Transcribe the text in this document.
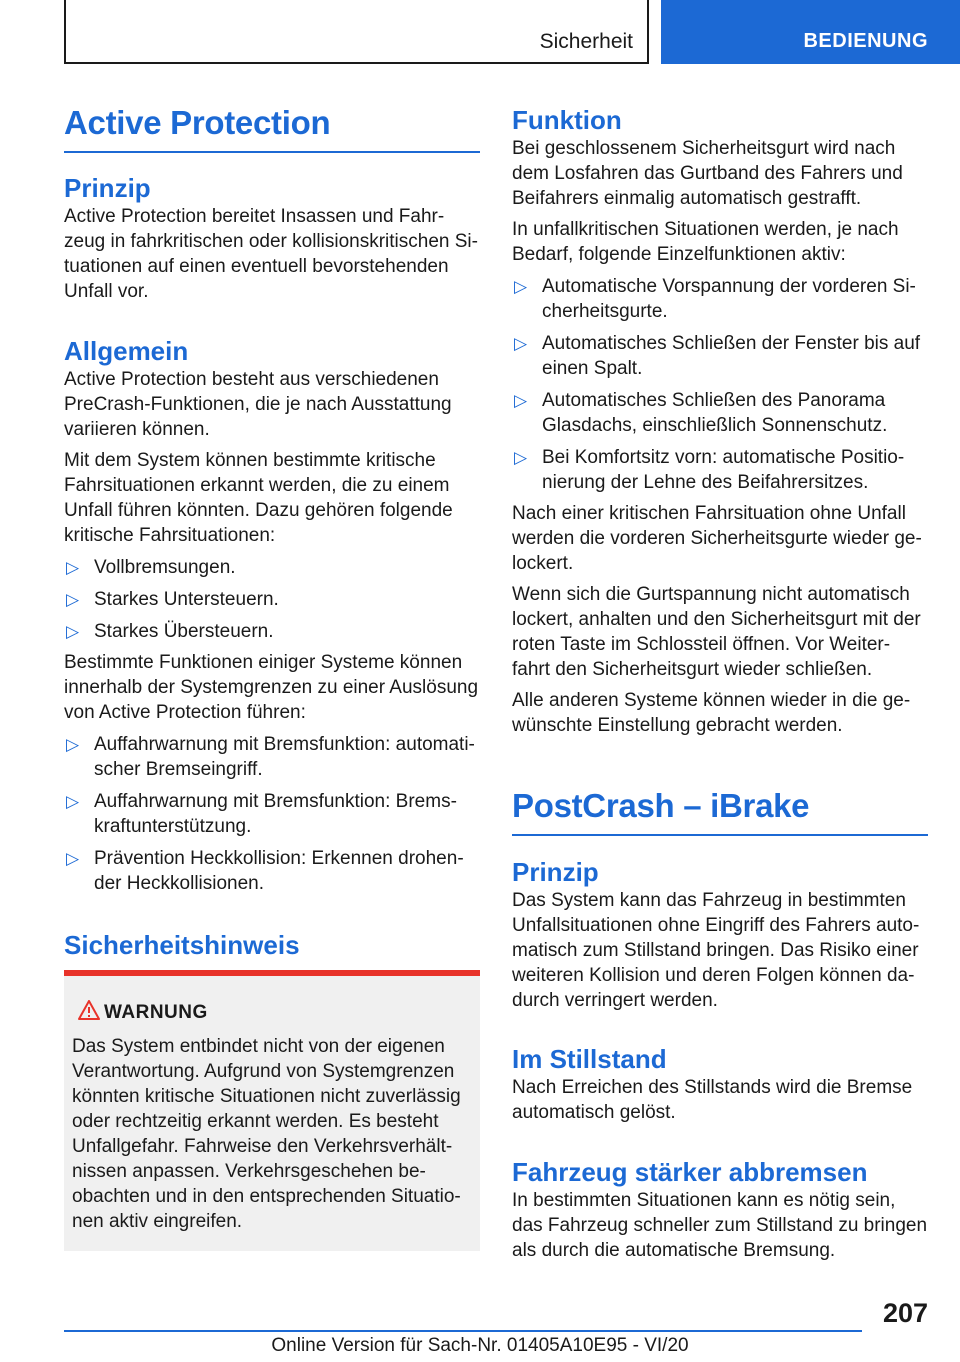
Sicherheit	BEDIENUNG
Active Protection
Prinzip

Active Protection bereitet Insassen und Fahr-zeug in fahrkritischen oder kollisionskritischen Si-tuationen auf einen eventuell bevorstehenden Unfall vor.

Allgemein

Active Protection besteht aus verschiedenen PreCrash-Funktionen, die je nach Ausstattung variieren können.

Mit dem System können bestimmte kritische Fahrsituationen erkannt werden, die zu einem Unfall führen könnten. Dazu gehören folgende kritische Fahrsituationen:

▷ Vollbremsungen.
▷ Starkes Untersteuern.
▷ Starkes Übersteuern.

Bestimmte Funktionen einiger Systeme können innerhalb der Systemgrenzen zu einer Auslösung von Active Protection führen:

▷ Auffahrwarnung mit Bremsfunktion: automati-scher Bremseingriff.
▷ Auffahrwarnung mit Bremsfunktion: Brems-kraftunterstützung.
▷ Prävention Heckkollision: Erkennen drohen-der Heckkollisionen.
Sicherheitshinweis
WARNUNG

Das System entbindet nicht von der eigenen Verantwortung. Aufgrund von Systemgrenzen könnten kritische Situationen nicht zuverlässig oder rechtzeitig erkannt werden. Es besteht Unfallgefahr. Fahrweise den Verkehrsverhält-nissen anpassen. Verkehrsgeschehen be-obachten und in den entsprechenden Situatio-nen aktiv eingreifen.

Funktion

Bei geschlossenem Sicherheitsgurt wird nach dem Losfahren das Gurtband des Fahrers und Beifahrers einmalig automatisch gestrafft.

In unfallkritischen Situationen werden, je nach Bedarf, folgende Einzelfunktionen aktiv:

▷ Automatische Vorspannung der vorderen Si-cherheitsgurte.
▷ Automatisches Schließen der Fenster bis auf einen Spalt.
▷ Automatisches Schließen des Panorama Glasdachs, einschließlich Sonnenschutz.
▷ Bei Komfortsitz vorn: automatische Positio-nierung der Lehne des Beifahrersitzes.

Nach einer kritischen Fahrsituation ohne Unfall werden die vorderen Sicherheitsgurte wieder ge-lockert.

Wenn sich die Gurtspannung nicht automatisch lockert, anhalten und den Sicherheitsgurt mit der roten Taste im Schlossteil öffnen. Vor Weiter-fahrt den Sicherheitsgurt wieder schließen.

Alle anderen Systeme können wieder in die ge-wünschte Einstellung gebracht werden.

PostCrash – iBrake
Prinzip

Das System kann das Fahrzeug in bestimmten Unfallsituationen ohne Eingriff des Fahrers auto-matisch zum Stillstand bringen. Das Risiko einer weiteren Kollision und deren Folgen können da-durch verringert werden.

Im Stillstand

Nach Erreichen des Stillstands wird die Bremse automatisch gelöst.

Fahrzeug stärker abbremsen

In bestimmten Situationen kann es nötig sein, das Fahrzeug schneller zum Stillstand zu bringen als durch die automatische Bremsung.

207
Online Version für Sach-Nr. 01405A10E95 - VI/20
